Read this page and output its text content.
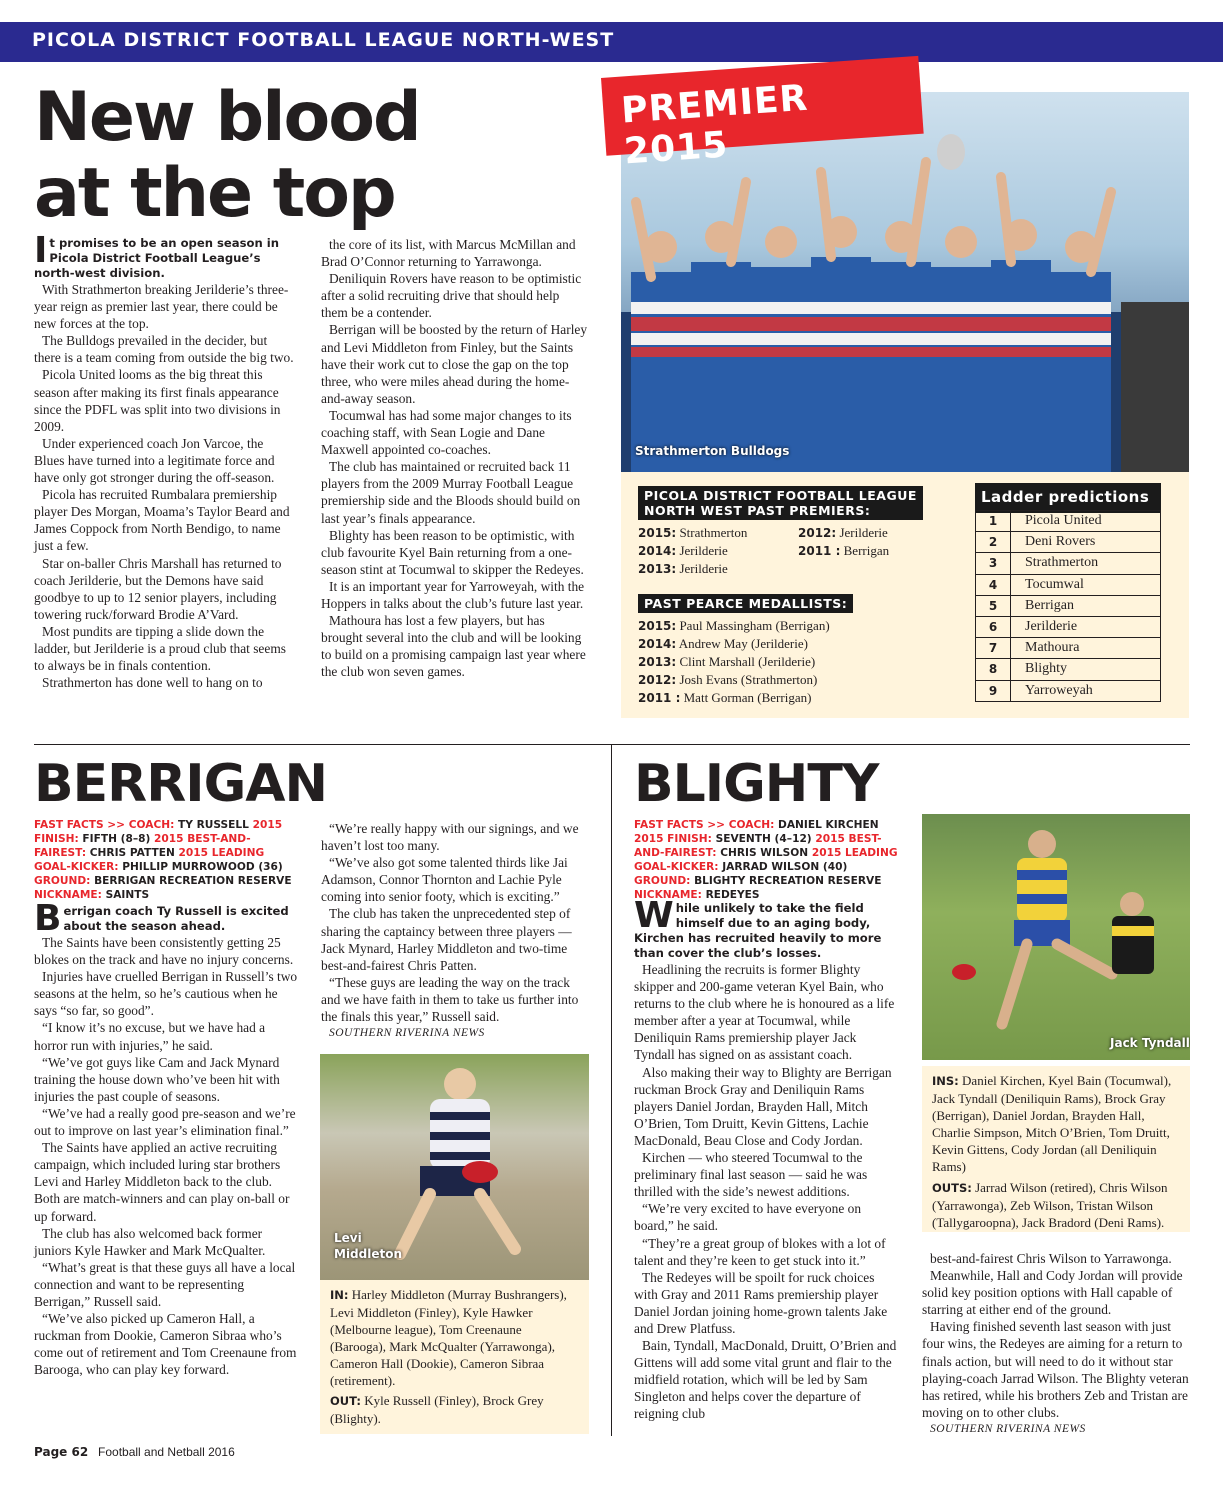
PICOLA DISTRICT FOOTBALL LEAGUE NORTH-WEST
New blood
at the top
I t promises to be an open season in Picola District Football League’s north-west division.

With Strathmerton breaking Jerilderie’s three-year reign as premier last year, there could be new forces at the top.

The Bulldogs prevailed in the decider, but there is a team coming from outside the big two.

Picola United looms as the big threat this season after making its first finals appearance since the PDFL was split into two divisions in 2009.

Under experienced coach Jon Varcoe, the Blues have turned into a legitimate force and have only got stronger during the off-season.

Picola has recruited Rumbalara premiership player Des Morgan, Moama’s Taylor Beard and James Coppock from North Bendigo, to name just a few.

Star on-baller Chris Marshall has returned to coach Jerilderie, but the Demons have said goodbye to up to 12 senior players, including towering ruck/forward Brodie A’Vard.

Most pundits are tipping a slide down the ladder, but Jerilderie is a proud club that seems to always be in finals contention.

Strathmerton has done well to hang on to

the core of its list, with Marcus McMillan and Brad O’Connor returning to Yarrawonga.

Deniliquin Rovers have reason to be optimistic after a solid recruiting drive that should help them be a contender.

Berrigan will be boosted by the return of Harley and Levi Middleton from Finley, but the Saints have their work cut to close the gap on the top three, who were miles ahead during the home-and-away season.

Tocumwal has had some major changes to its coaching staff, with Sean Logie and Dane Maxwell appointed co-coaches.

The club has maintained or recruited back 11 players from the 2009 Murray Football League premiership side and the Bloods should build on last year’s finals appearance.

Blighty has been reason to be optimistic, with club favourite Kyel Bain returning from a one-season stint at Tocumwal to skipper the Redeyes.

It is an important year for Yarroweyah, with the Hoppers in talks about the club’s future last year.

Mathoura has lost a few players, but has brought several into the club and will be looking to build on a promising campaign last year where the club won seven games.

Strathmerton Bulldogs
PREMIER 2015
PICOLA DISTRICT FOOTBALL LEAGUE
NORTH WEST PAST PREMIERS:
2015: Strathmerton
2014: Jerilderie
2013: Jerilderie
2012: Jerilderie
2011 : Berrigan
PAST PEARCE MEDALLISTS:
2015: Paul Massingham (Berrigan)
2014: Andrew May (Jerilderie)
2013: Clint Marshall (Jerilderie)
2012: Josh Evans (Strathmerton)
2011 : Matt Gorman (Berrigan)
Ladder predictions
1	Picola United
2	Deni Rovers
3	Strathmerton
4	Tocumwal
5	Berrigan
6	Jerilderie
7	Mathoura
8	Blighty
9	Yarroweyah
BERRIGAN
FAST FACTS >> COACH: TY RUSSELL 2015 FINISH: FIFTH (8–8) 2015 BEST-AND-FAIREST: CHRIS PATTEN 2015 LEADING GOAL-KICKER: PHILLIP MURROWOOD (36) GROUND: BERRIGAN RECREATION RESERVE NICKNAME: SAINTS
B errigan coach Ty Russell is excited about the season ahead.

The Saints have been consistently getting 25 blokes on the track and have no injury concerns.

Injuries have cruelled Berrigan in Russell’s two seasons at the helm, so he’s cautious when he says “so far, so good”.

“I know it’s no excuse, but we have had a horror run with injuries,” he said.

“We’ve got guys like Cam and Jack Mynard training the house down who’ve been hit with injuries the past couple of seasons.

“We’ve had a really good pre-season and we’re out to improve on last year’s elimination final.”

The Saints have applied an active recruiting campaign, which included luring star brothers Levi and Harley Middleton back to the club. Both are match-winners and can play on-ball or up forward.

The club has also welcomed back former juniors Kyle Hawker and Mark McQualter.

“What’s great is that these guys all have a local connection and want to be representing Berrigan,” Russell said.

“We’ve also picked up Cameron Hall, a ruckman from Dookie, Cameron Sibraa who’s come out of retirement and Tom Creenaune from Barooga, who can play key forward.

“We’re really happy with our signings, and we haven’t lost too many.

“We’ve also got some talented thirds like Jai Adamson, Connor Thornton and Lachie Pyle coming into senior footy, which is exciting.”

The club has taken the unprecedented step of sharing the captaincy between three players — Jack Mynard, Harley Middleton and two-time best-and-fairest Chris Patten.

“These guys are leading the way on the track and we have faith in them to take us further into the finals this year,” Russell said.

SOUTHERN RIVERINA NEWS
Levi
Middleton
IN: Harley Middleton (Murray Bushrangers), Levi Middleton (Finley), Kyle Hawker (Melbourne league), Tom Creenaune (Barooga), Mark McQualter (Yarrawonga), Cameron Hall (Dookie), Cameron Sibraa (retirement).
OUT: Kyle Russell (Finley), Brock Grey (Blighty).
BLIGHTY
FAST FACTS >> COACH: DANIEL KIRCHEN 2015 FINISH: SEVENTH (4–12) 2015 BEST-AND-FAIREST: CHRIS WILSON 2015 LEADING GOAL-KICKER: JARRAD WILSON (40) GROUND: BLIGHTY RECREATION RESERVE NICKNAME: REDEYES
W hile unlikely to take the field himself due to an aging body, Kirchen has recruited heavily to more than cover the club’s losses.

Headlining the recruits is former Blighty skipper and 200-game veteran Kyel Bain, who returns to the club where he is honoured as a life member after a year at Tocumwal, while Deniliquin Rams premiership player Jack Tyndall has signed on as assistant coach.

Also making their way to Blighty are Berrigan ruckman Brock Gray and Deniliquin Rams players Daniel Jordan, Brayden Hall, Mitch O’Brien, Tom Druitt, Kevin Gittens, Lachie MacDonald, Beau Close and Cody Jordan.

Kirchen — who steered Tocumwal to the preliminary final last season — said he was thrilled with the side’s newest additions.

“We’re very excited to have everyone on board,” he said.

“They’re a great group of blokes with a lot of talent and they’re keen to get stuck into it.”

The Redeyes will be spoilt for ruck choices with Gray and 2011 Rams premiership player Daniel Jordan joining home-grown talents Jake and Drew Platfuss.

Bain, Tyndall, MacDonald, Druitt, O’Brien and Gittens will add some vital grunt and flair to the midfield rotation, which will be led by Sam Singleton and helps cover the departure of reigning club

Jack Tyndall
INS: Daniel Kirchen, Kyel Bain (Tocumwal), Jack Tyndall (Deniliquin Rams), Brock Gray (Berrigan), Daniel Jordan, Brayden Hall, Charlie Simpson, Mitch O’Brien, Tom Druitt, Kevin Gittens, Cody Jordan (all Deniliquin Rams)
OUTS: Jarrad Wilson (retired), Chris Wilson (Yarrawonga), Zeb Wilson, Tristan Wilson (Tallygaroopna), Jack Bradord (Deni Rams).

best-and-fairest Chris Wilson to Yarrawonga.

Meanwhile, Hall and Cody Jordan will provide solid key position options with Hall capable of starring at either end of the ground.

Having finished seventh last season with just four wins, the Redeyes are aiming for a return to finals action, but will need to do it without star playing-coach Jarrad Wilson. The Blighty veteran has retired, while his brothers Zeb and Tristan are moving on to other clubs.

SOUTHERN RIVERINA NEWS
Page 62 Football and Netball 2016
